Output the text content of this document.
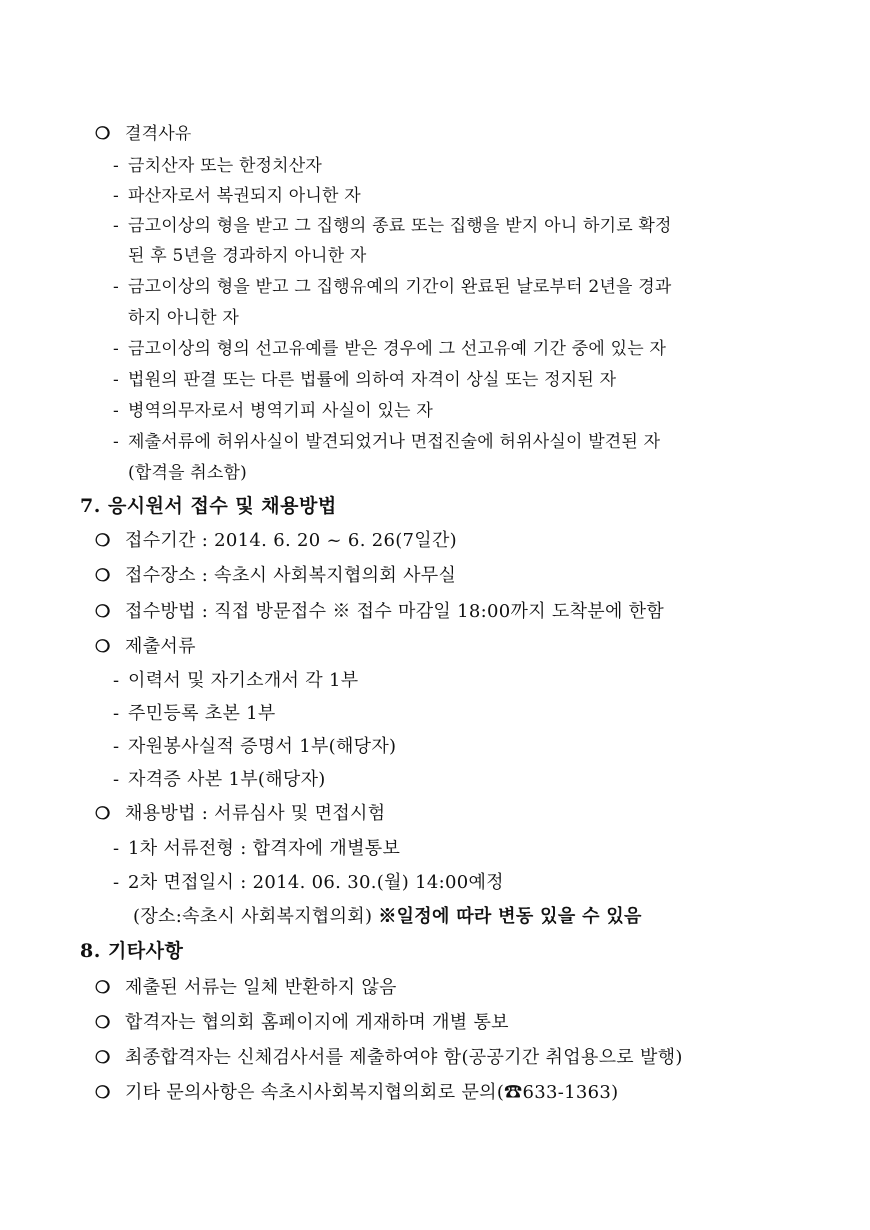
❍ 결격사유
- 금치산자 또는 한정치산자
- 파산자로서 복권되지 아니한 자
- 금고이상의 형을 받고 그 집행의 종료 또는 집행을 받지 아니 하기로 확정
된 후 5년을 경과하지 아니한 자
- 금고이상의 형을 받고 그 집행유예의 기간이 완료된 날로부터 2년을 경과
하지 아니한 자
- 금고이상의 형의 선고유예를 받은 경우에 그 선고유예 기간 중에 있는 자
- 법원의 판결 또는 다른 법률에 의하여 자격이 상실 또는 정지된 자
- 병역의무자로서 병역기피 사실이 있는 자
- 제출서류에 허위사실이 발견되었거나 면접진술에 허위사실이 발견된 자
(합격을 취소함)
7. 응시원서 접수 및 채용방법
❍ 접수기간 : 2014. 6. 20 ~ 6. 26(7일간)
❍ 접수장소 : 속초시 사회복지협의회 사무실
❍ 접수방법 : 직접 방문접수 ※ 접수 마감일 18:00까지 도착분에 한함
❍ 제출서류
- 이력서 및 자기소개서 각 1부
- 주민등록 초본 1부
- 자원봉사실적 증명서 1부(해당자)
- 자격증 사본 1부(해당자)
❍ 채용방법 : 서류심사 및 면접시험
- 1차 서류전형 : 합격자에 개별통보
- 2차 면접일시 : 2014. 06. 30.(월) 14:00예정
(장소:속초시 사회복지협의회) ※일정에 따라 변동 있을 수 있음
8. 기타사항
❍ 제출된 서류는 일체 반환하지 않음
❍ 합격자는 협의회 홈페이지에 게재하며 개별 통보
❍ 최종합격자는 신체검사서를 제출하여야 함(공공기간 취업용으로 발행)
❍ 기타 문의사항은 속초시사회복지협의회로 문의(☎633-1363)
